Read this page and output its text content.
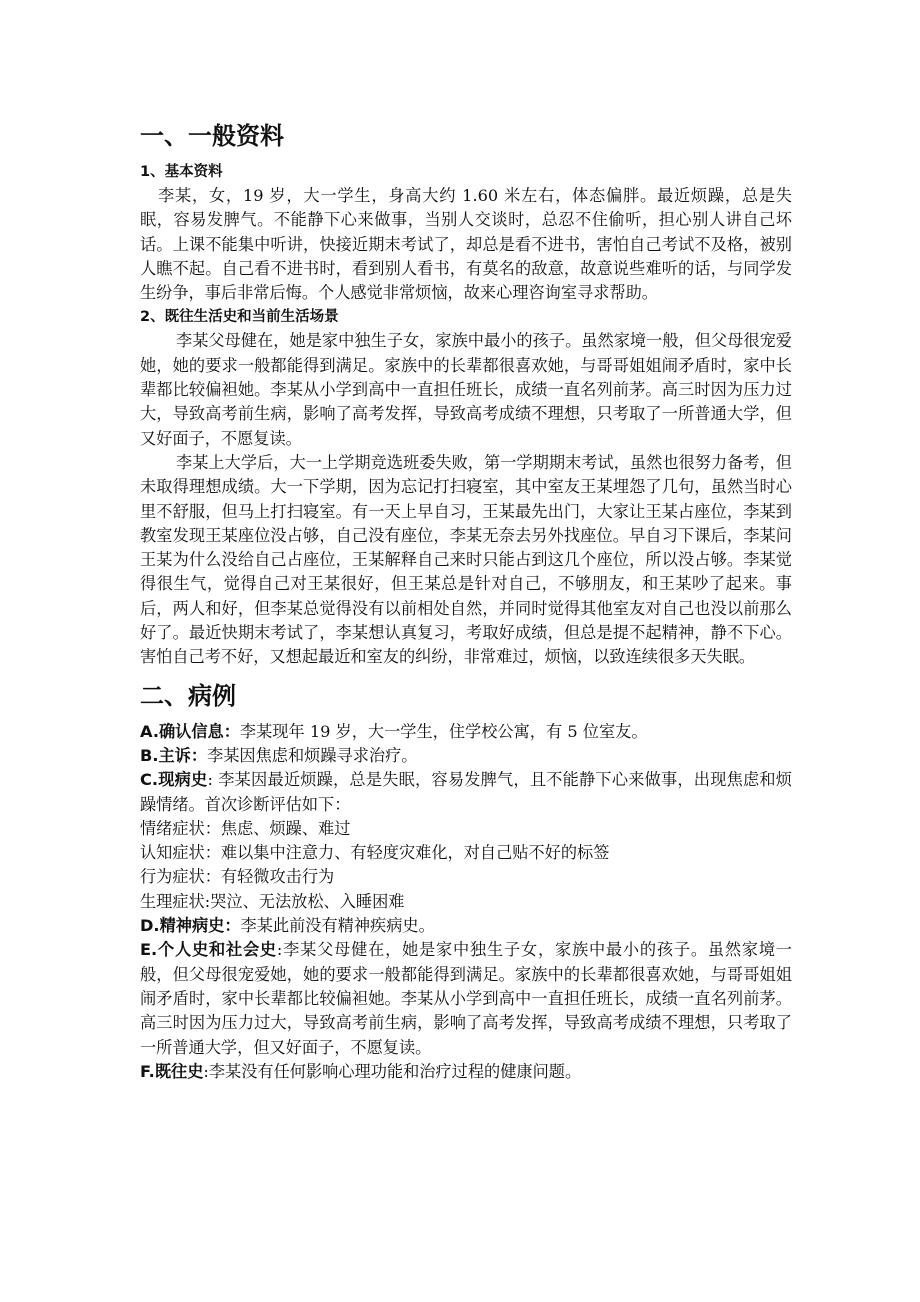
一、一般资料
1、基本资料

李某，女，19 岁，大一学生，身高大约 1.60 米左右，体态偏胖。最近烦躁，总是失眠，容易发脾气。不能静下心来做事，当别人交谈时，总忍不住偷听，担心别人讲自己坏话。上课不能集中听讲，快接近期末考试了，却总是看不进书，害怕自己考试不及格，被别人瞧不起。自己看不进书时，看到别人看书，有莫名的敌意，故意说些难听的话，与同学发生纷争，事后非常后悔。个人感觉非常烦恼，故来心理咨询室寻求帮助。

2、既往生活史和当前生活场景

李某父母健在，她是家中独生子女，家族中最小的孩子。虽然家境一般，但父母很宠爱她，她的要求一般都能得到满足。家族中的长辈都很喜欢她，与哥哥姐姐闹矛盾时，家中长辈都比较偏袒她。李某从小学到高中一直担任班长，成绩一直名列前茅。高三时因为压力过大，导致高考前生病，影响了高考发挥，导致高考成绩不理想，只考取了一所普通大学，但又好面子，不愿复读。

李某上大学后，大一上学期竞选班委失败，第一学期期末考试，虽然也很努力备考，但未取得理想成绩。大一下学期，因为忘记打扫寝室，其中室友王某埋怨了几句，虽然当时心里不舒服，但马上打扫寝室。有一天上早自习，王某最先出门，大家让王某占座位，李某到教室发现王某座位没占够，自己没有座位，李某无奈去另外找座位。早自习下课后，李某问王某为什么没给自己占座位，王某解释自己来时只能占到这几个座位，所以没占够。李某觉得很生气，觉得自己对王某很好，但王某总是针对自己，不够朋友，和王某吵了起来。事后，两人和好，但李某总觉得没有以前相处自然，并同时觉得其他室友对自己也没以前那么好了。最近快期末考试了，李某想认真复习，考取好成绩，但总是提不起精神，静不下心。害怕自己考不好，又想起最近和室友的纠纷，非常难过，烦恼，以致连续很多天失眠。

二、病例
A.确认信息：李某现年 19 岁，大一学生，住学校公寓，有 5 位室友。
B.主诉：李某因焦虑和烦躁寻求治疗。
C.现病史: 李某因最近烦躁，总是失眠，容易发脾气，且不能静下心来做事，出现焦虑和烦躁情绪。首次诊断评估如下：
情绪症状：焦虑、烦躁、难过
认知症状：难以集中注意力、有轻度灾难化，对自己贴不好的标签
行为症状：有轻微攻击行为
生理症状:哭泣、无法放松、入睡困难
D.精神病史：李某此前没有精神疾病史。
E.个人史和社会史:李某父母健在，她是家中独生子女，家族中最小的孩子。虽然家境一般，但父母很宠爱她，她的要求一般都能得到满足。家族中的长辈都很喜欢她，与哥哥姐姐闹矛盾时，家中长辈都比较偏袒她。李某从小学到高中一直担任班长，成绩一直名列前茅。高三时因为压力过大，导致高考前生病，影响了高考发挥，导致高考成绩不理想，只考取了一所普通大学，但又好面子，不愿复读。
F.既往史:李某没有任何影响心理功能和治疗过程的健康问题。
